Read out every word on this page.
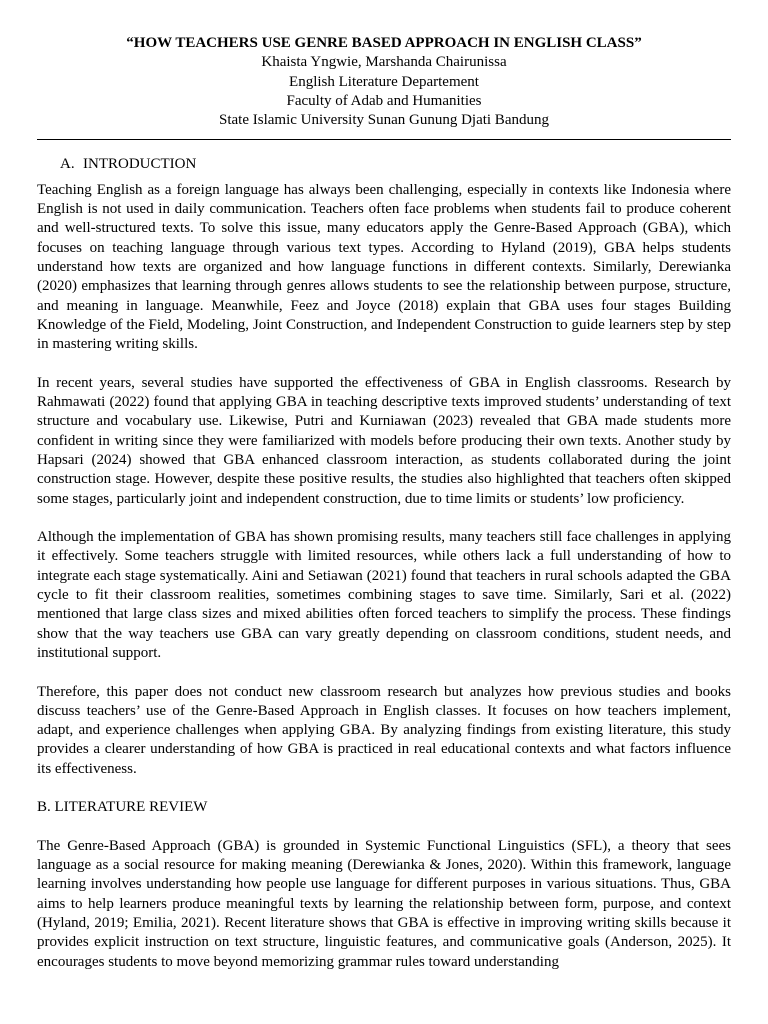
“HOW TEACHERS USE GENRE BASED APPROACH IN ENGLISH CLASS”
Khaista Yngwie, Marshanda Chairunissa
English Literature Departement
Faculty of Adab and Humanities
State Islamic University Sunan Gunung Djati Bandung
A. INTRODUCTION

Teaching English as a foreign language has always been challenging, especially in contexts like Indonesia where English is not used in daily communication. Teachers often face problems when students fail to produce coherent and well-structured texts. To solve this issue, many educators apply the Genre-Based Approach (GBA), which focuses on teaching language through various text types. According to Hyland (2019), GBA helps students understand how texts are organized and how language functions in different contexts. Similarly, Derewianka (2020) emphasizes that learning through genres allows students to see the relationship between purpose, structure, and meaning in language. Meanwhile, Feez and Joyce (2018) explain that GBA uses four stages Building Knowledge of the Field, Modeling, Joint Construction, and Independent Construction to guide learners step by step in mastering writing skills.

In recent years, several studies have supported the effectiveness of GBA in English classrooms. Research by Rahmawati (2022) found that applying GBA in teaching descriptive texts improved students’ understanding of text structure and vocabulary use. Likewise, Putri and Kurniawan (2023) revealed that GBA made students more confident in writing since they were familiarized with models before producing their own texts. Another study by Hapsari (2024) showed that GBA enhanced classroom interaction, as students collaborated during the joint construction stage. However, despite these positive results, the studies also highlighted that teachers often skipped some stages, particularly joint and independent construction, due to time limits or students’ low proficiency.

Although the implementation of GBA has shown promising results, many teachers still face challenges in applying it effectively. Some teachers struggle with limited resources, while others lack a full understanding of how to integrate each stage systematically. Aini and Setiawan (2021) found that teachers in rural schools adapted the GBA cycle to fit their classroom realities, sometimes combining stages to save time. Similarly, Sari et al. (2022) mentioned that large class sizes and mixed abilities often forced teachers to simplify the process. These findings show that the way teachers use GBA can vary greatly depending on classroom conditions, student needs, and institutional support.

Therefore, this paper does not conduct new classroom research but analyzes how previous studies and books discuss teachers’ use of the Genre-Based Approach in English classes. It focuses on how teachers implement, adapt, and experience challenges when applying GBA. By analyzing findings from existing literature, this study provides a clearer understanding of how GBA is practiced in real educational contexts and what factors influence its effectiveness.

B. LITERATURE REVIEW

The Genre-Based Approach (GBA) is grounded in Systemic Functional Linguistics (SFL), a theory that sees language as a social resource for making meaning (Derewianka & Jones, 2020). Within this framework, language learning involves understanding how people use language for different purposes in various situations. Thus, GBA aims to help learners produce meaningful texts by learning the relationship between form, purpose, and context (Hyland, 2019; Emilia, 2021). Recent literature shows that GBA is effective in improving writing skills because it provides explicit instruction on text structure, linguistic features, and communicative goals (Anderson, 2025). It encourages students to move beyond memorizing grammar rules toward understanding
